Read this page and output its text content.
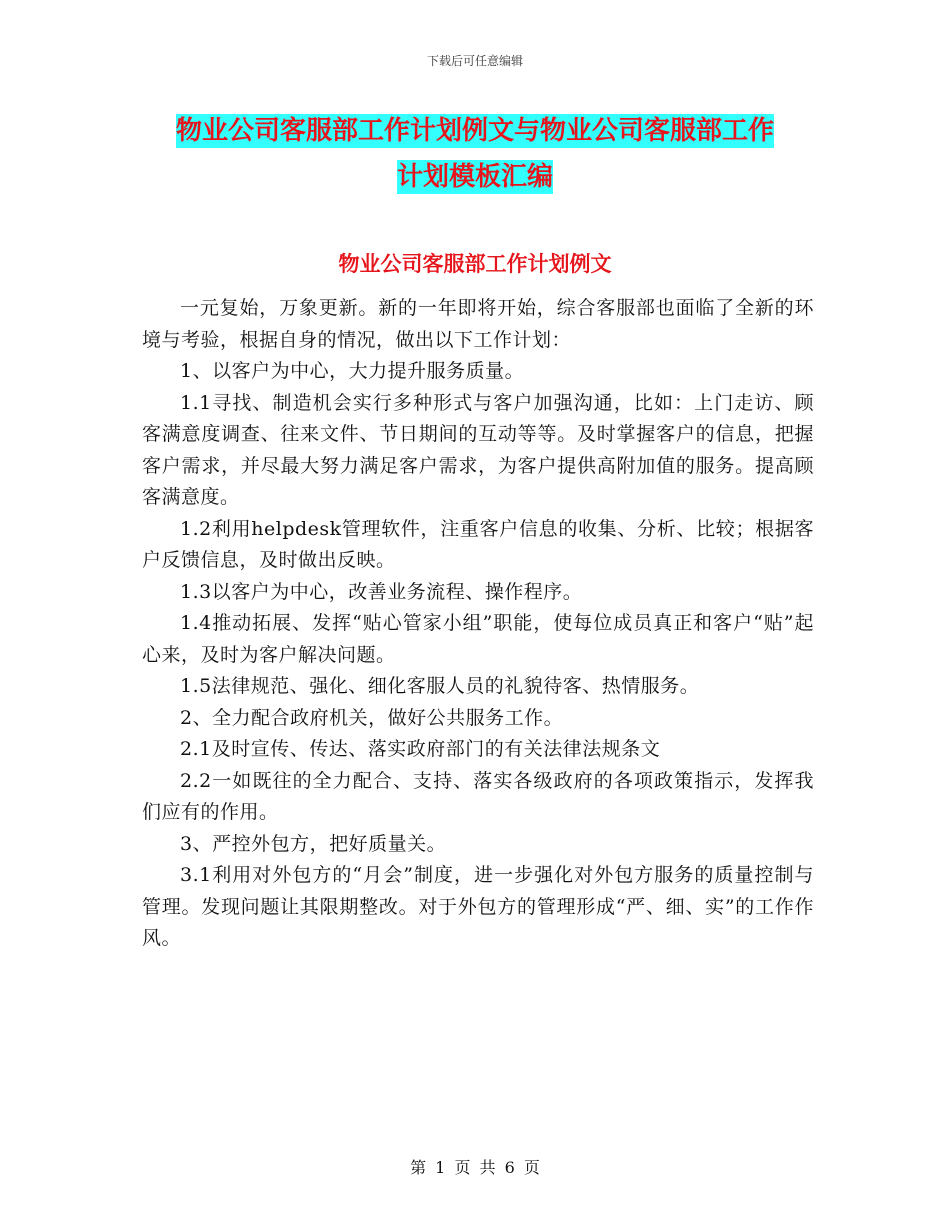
下载后可任意编辑
物业公司客服部工作计划例文与物业公司客服部工作
计划模板汇编
物业公司客服部工作计划例文

一元复始，万象更新。新的一年即将开始，综合客服部也面临了全新的环境与考验，根据自身的情况，做出以下工作计划：

1、以客户为中心，大力提升服务质量。

1.1寻找、制造机会实行多种形式与客户加强沟通，比如：上门走访、顾客满意度调查、往来文件、节日期间的互动等等。及时掌握客户的信息，把握客户需求，并尽最大努力满足客户需求，为客户提供高附加值的服务。提高顾客满意度。

1.2利用helpdesk管理软件，注重客户信息的收集、分析、比较；根据客户反馈信息，及时做出反映。

1.3以客户为中心，改善业务流程、操作程序。

1.4推动拓展、发挥“贴心管家小组”职能，使每位成员真正和客户“贴”起心来，及时为客户解决问题。

1.5法律规范、强化、细化客服人员的礼貌待客、热情服务。

2、全力配合政府机关，做好公共服务工作。

2.1及时宣传、传达、落实政府部门的有关法律法规条文

2.2一如既往的全力配合、支持、落实各级政府的各项政策指示，发挥我们应有的作用。

3、严控外包方，把好质量关。

3.1利用对外包方的“月会”制度，进一步强化对外包方服务的质量控制与管理。发现问题让其限期整改。对于外包方的管理形成“严、细、实”的工作作风。

第 1 页 共 6 页
